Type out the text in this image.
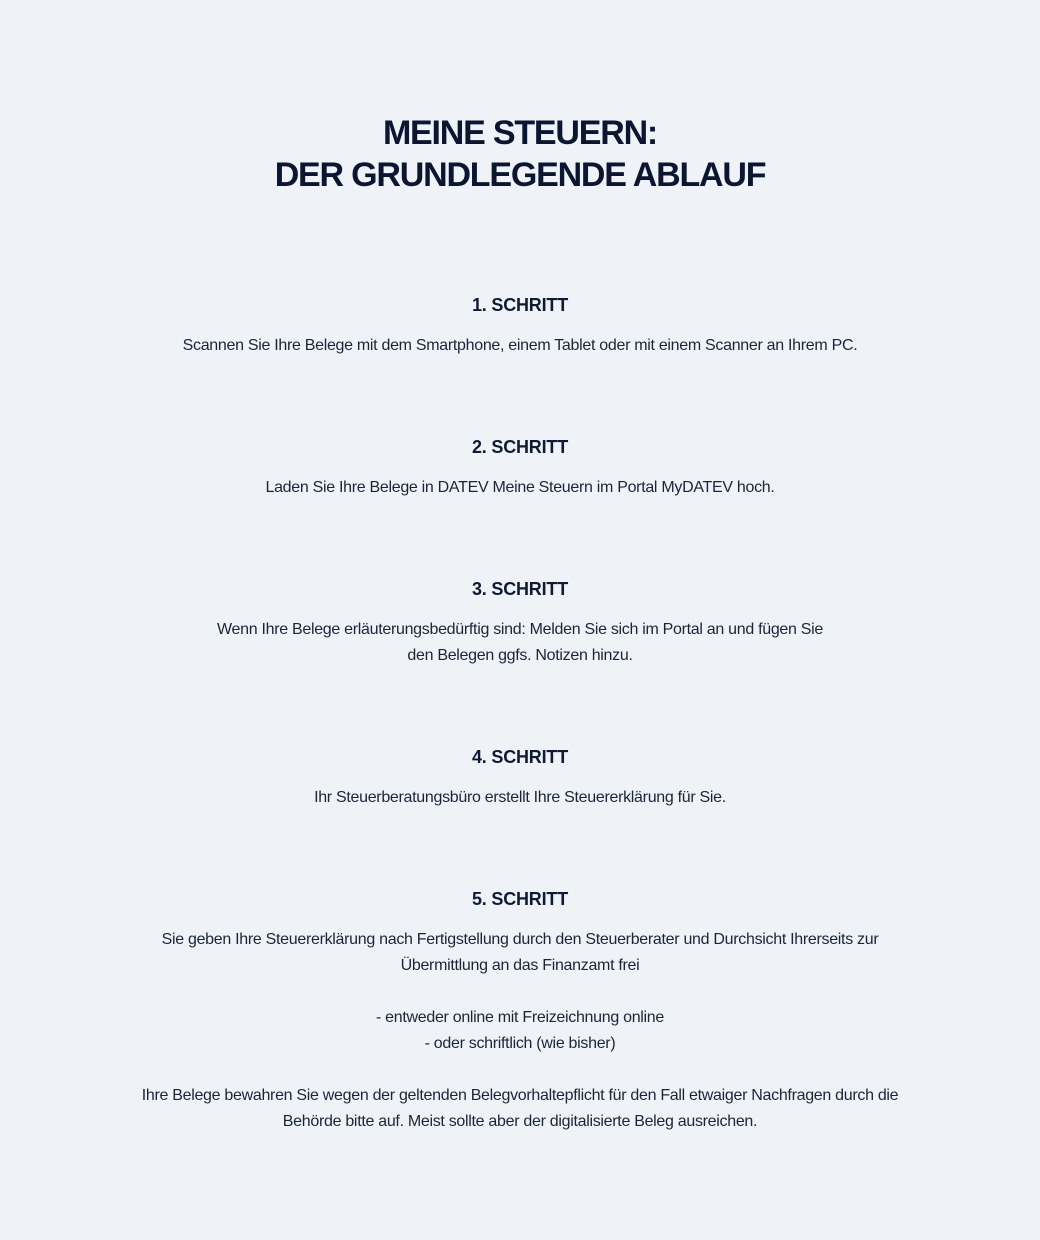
MEINE STEUERN:
DER GRUNDLEGENDE ABLAUF
1. SCHRITT

Scannen Sie Ihre Belege mit dem Smartphone, einem Tablet oder mit einem Scanner an Ihrem PC.

2. SCHRITT

Laden Sie Ihre Belege in DATEV Meine Steuern im Portal MyDATEV hoch.

3. SCHRITT

Wenn Ihre Belege erläuterungsbedürftig sind: Melden Sie sich im Portal an und fügen Sie

den Belegen ggfs. Notizen hinzu.

4. SCHRITT

Ihr Steuerberatungsbüro erstellt Ihre Steuererklärung für Sie.

5. SCHRITT

Sie geben Ihre Steuererklärung nach Fertigstellung durch den Steuerberater und Durchsicht Ihrerseits zur

Übermittlung an das Finanzamt frei

- entweder online mit Freizeichnung online

- oder schriftlich (wie bisher)

Ihre Belege bewahren Sie wegen der geltenden Belegvorhaltepflicht für den Fall etwaiger Nachfragen durch die

Behörde bitte auf. Meist sollte aber der digitalisierte Beleg ausreichen.
